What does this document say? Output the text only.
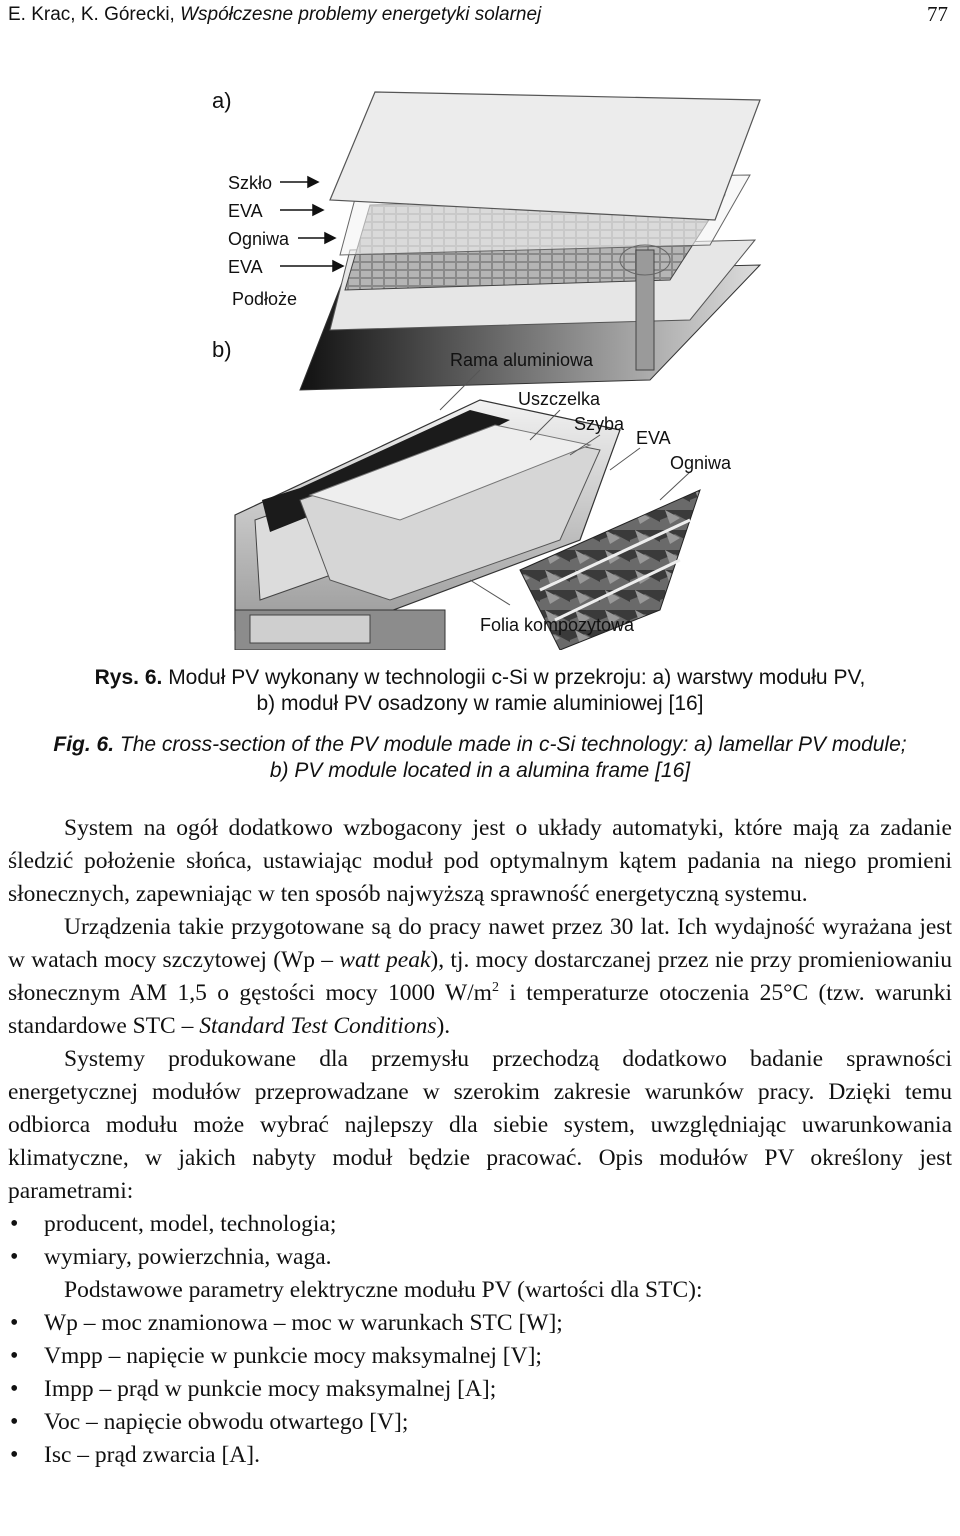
E. Krac, K. Górecki, Współczesne problemy energetyki solarnej	77
a)
Szkło
EVA
Ogniwa
EVA
Podłoże
b)	Rama aluminiowa
Uszczelka
Szyba
EVA
Ogniwa
Folia kompozytowa
Rys. 6. Moduł PV wykonany w technologii c-Si w przekroju: a) warstwy modułu PV,
b) moduł PV osadzony w ramie aluminiowej [16]
Fig. 6. The cross-section of the PV module made in c-Si technology: a) lamellar PV module;
b) PV module located in a alumina frame [16]

System na ogół dodatkowo wzbogacony jest o układy automatyki, które mają za zadanie śledzić położenie słońca, ustawiając moduł pod optymalnym kątem padania na niego promieni słonecznych, zapewniając w ten sposób najwyższą sprawność energetyczną systemu.

Urządzenia takie przygotowane są do pracy nawet przez 30 lat. Ich wydajność wyrażana jest w watach mocy szczytowej (Wp – watt peak), tj. mocy dostarczanej przez nie przy promieniowaniu słonecznym AM 1,5 o gęstości mocy 1000 $W/m^2$ i temperaturze otoczenia 25°C (tzw. warunki standardowe STC – Standard Test Conditions).

Systemy produkowane dla przemysłu przechodzą dodatkowo badanie sprawności energetycznej modułów przeprowadzane w szerokim zakresie warunków pracy. Dzięki temu odbiorca modułu może wybrać najlepszy dla siebie system, uwzględniając uwarunkowania klimatyczne, w jakich nabyty moduł będzie pracować. Opis modułów PV określony jest parametrami:

• producent, model, technologia;
• wymiary, powierzchnia, waga.

Podstawowe parametry elektryczne modułu PV (wartości dla STC):

• Wp – moc znamionowa – moc w warunkach STC [W];
• Vmpp – napięcie w punkcie mocy maksymalnej [V];
• Impp – prąd w punkcie mocy maksymalnej [A];
• Voc – napięcie obwodu otwartego [V];
• Isc – prąd zwarcia [A].
